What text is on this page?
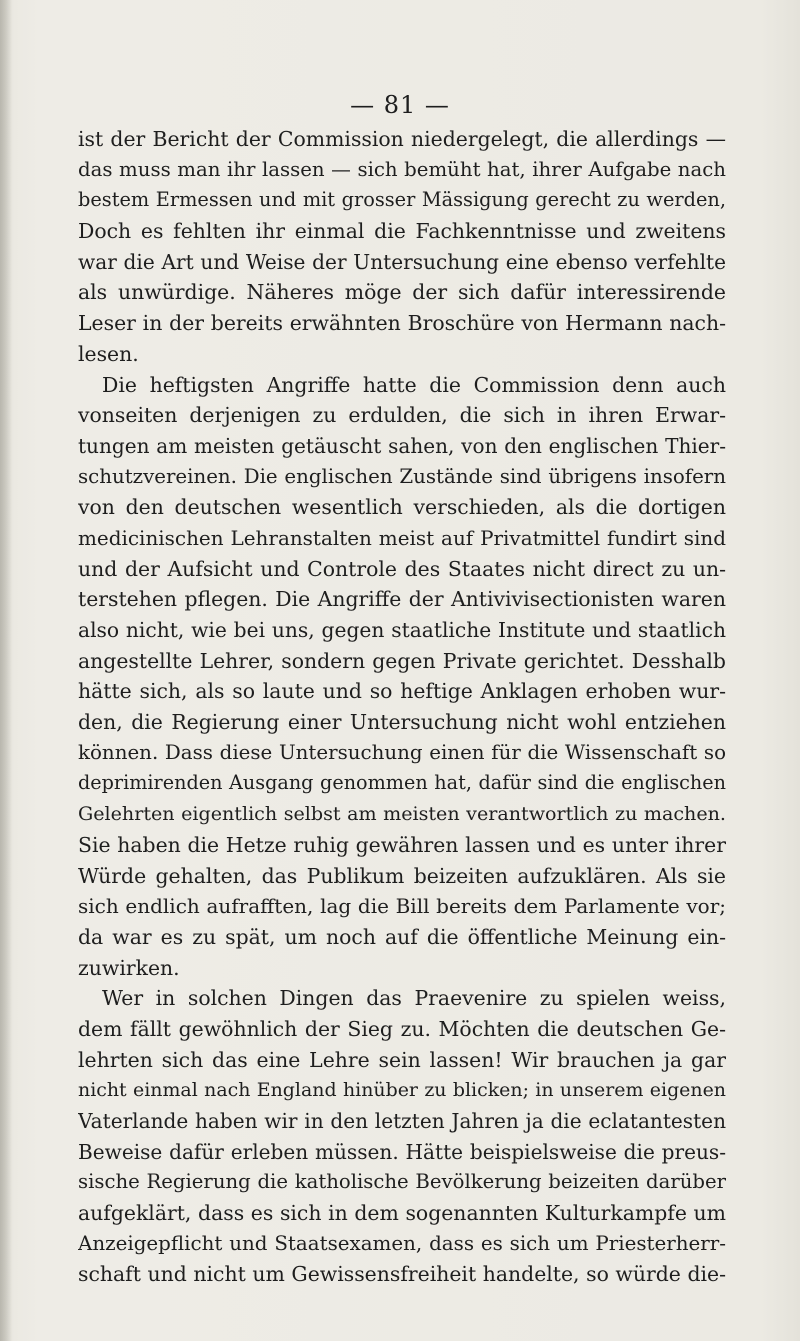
— 81 —
ist der Bericht der Commission niedergelegt, die allerdings —
das muss man ihr lassen — sich bemüht hat, ihrer Aufgabe nach
bestem Ermessen und mit grosser Mässigung gerecht zu werden,
Doch es fehlten ihr einmal die Fachkenntnisse und zweitens
war die Art und Weise der Untersuchung eine ebenso verfehlte
als unwürdige. Näheres möge der sich dafür interessirende
Leser in der bereits erwähnten Broschüre von Hermann nach-
lesen.
Die heftigsten Angriffe hatte die Commission denn auch
vonseiten derjenigen zu erdulden, die sich in ihren Erwar-
tungen am meisten getäuscht sahen, von den englischen Thier-
schutzvereinen. Die englischen Zustände sind übrigens insofern
von den deutschen wesentlich verschieden, als die dortigen
medicinischen Lehranstalten meist auf Privatmittel fundirt sind
und der Aufsicht und Controle des Staates nicht direct zu un-
terstehen pflegen. Die Angriffe der Antivivisectionisten waren
also nicht, wie bei uns, gegen staatliche Institute und staatlich
angestellte Lehrer, sondern gegen Private gerichtet. Desshalb
hätte sich, als so laute und so heftige Anklagen erhoben wur-
den, die Regierung einer Untersuchung nicht wohl entziehen
können. Dass diese Untersuchung einen für die Wissenschaft so
deprimirenden Ausgang genommen hat, dafür sind die englischen
Gelehrten eigentlich selbst am meisten verantwortlich zu machen.
Sie haben die Hetze ruhig gewähren lassen und es unter ihrer
Würde gehalten, das Publikum beizeiten aufzuklären. Als sie
sich endlich aufrafften, lag die Bill bereits dem Parlamente vor;
da war es zu spät, um noch auf die öffentliche Meinung ein-
zuwirken.
Wer in solchen Dingen das Praevenire zu spielen weiss,
dem fällt gewöhnlich der Sieg zu. Möchten die deutschen Ge-
lehrten sich das eine Lehre sein lassen! Wir brauchen ja gar
nicht einmal nach England hinüber zu blicken; in unserem eigenen
Vaterlande haben wir in den letzten Jahren ja die eclatantesten
Beweise dafür erleben müssen. Hätte beispielsweise die preus-
sische Regierung die katholische Bevölkerung beizeiten darüber
aufgeklärt, dass es sich in dem sogenannten Kulturkampfe um
Anzeigepflicht und Staatsexamen, dass es sich um Priesterherr-
schaft und nicht um Gewissensfreiheit handelte, so würde die-
